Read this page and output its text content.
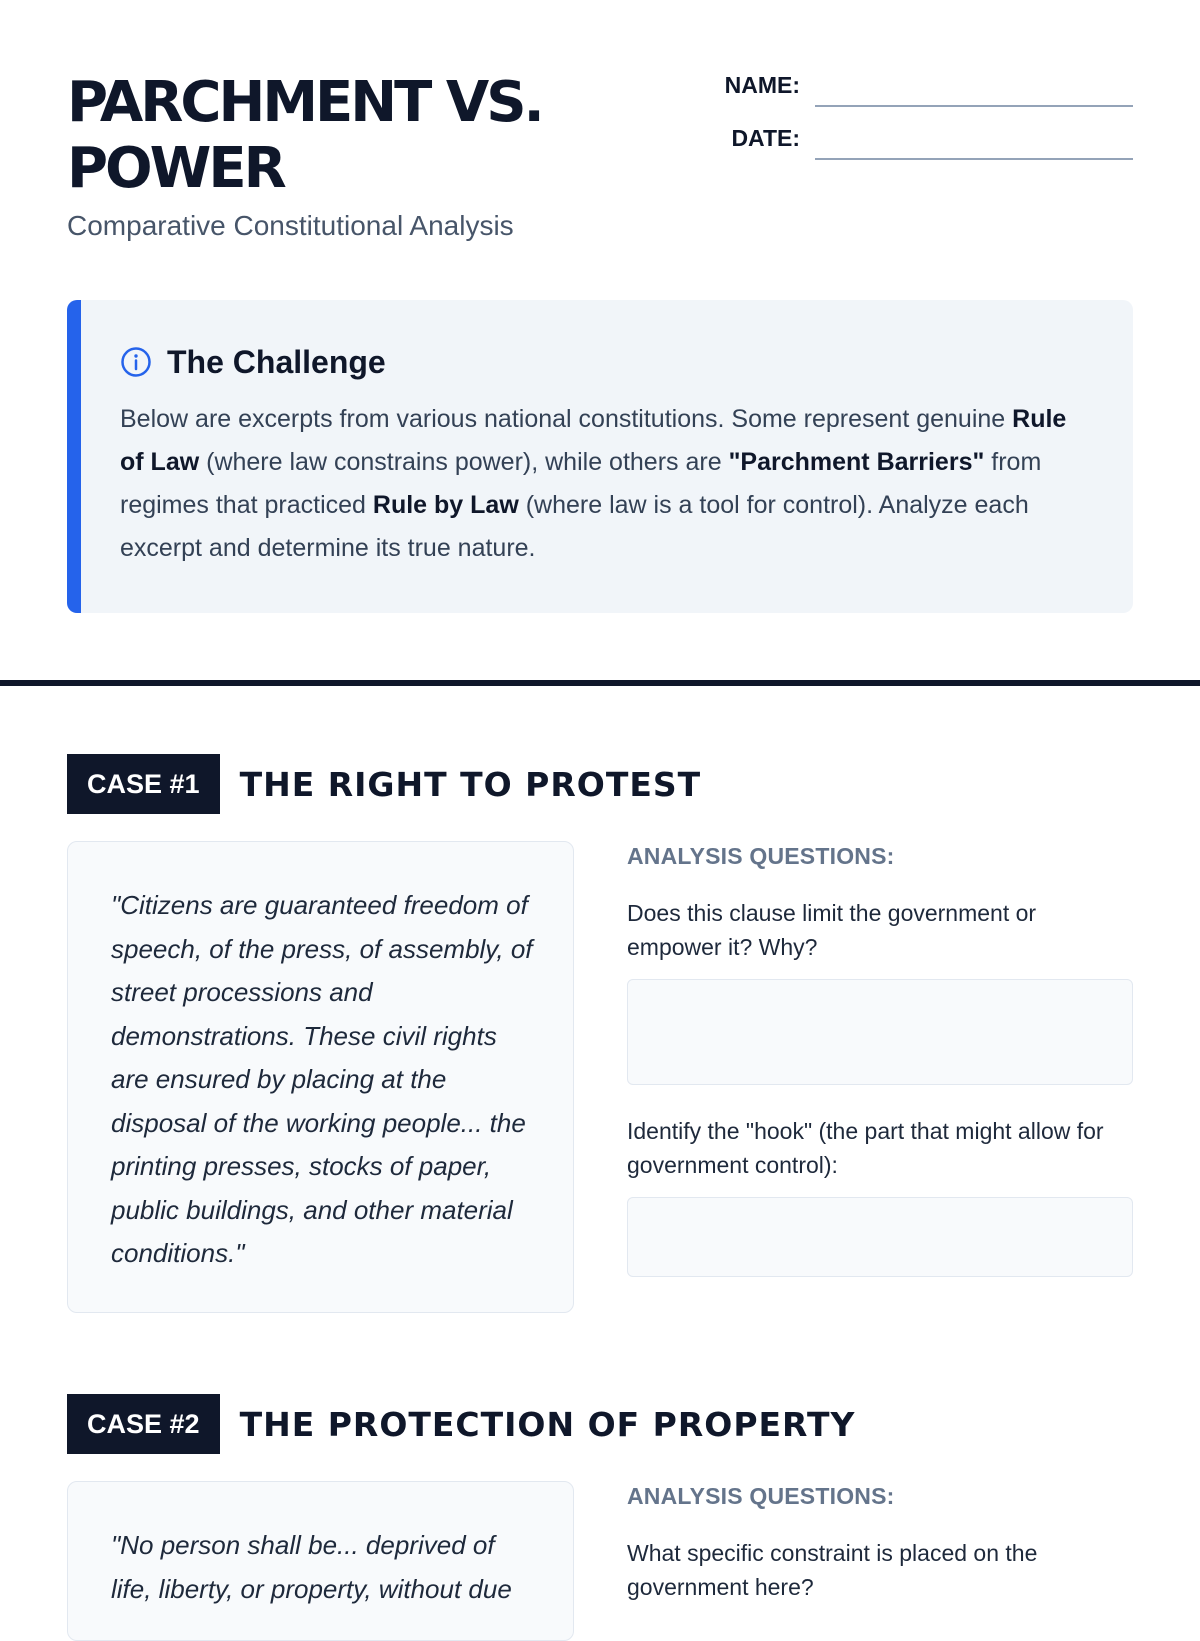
PARCHMENT VS.
POWER
Comparative Constitutional Analysis
NAME:
DATE:
The Challenge
Below are excerpts from various national constitutions. Some represent genuine Rule of Law (where law constrains power), while others are "Parchment Barriers" from regimes that practiced Rule by Law (where law is a tool for control). Analyze each excerpt and determine its true nature.
CASE #1	THE RIGHT TO PROTEST

"Citizens are guaranteed freedom of speech, of the press, of assembly, of street processions and demonstrations. These civil rights are ensured by placing at the disposal of the working people... the printing presses, stocks of paper, public buildings, and other material conditions."

ANALYSIS QUESTIONS:

Does this clause limit the government or empower it? Why?

Identify the "hook" (the part that might allow for government control):

CASE #2	THE PROTECTION OF PROPERTY

"No person shall be... deprived of life, liberty, or property, without due

ANALYSIS QUESTIONS:

What specific constraint is placed on the government here?
